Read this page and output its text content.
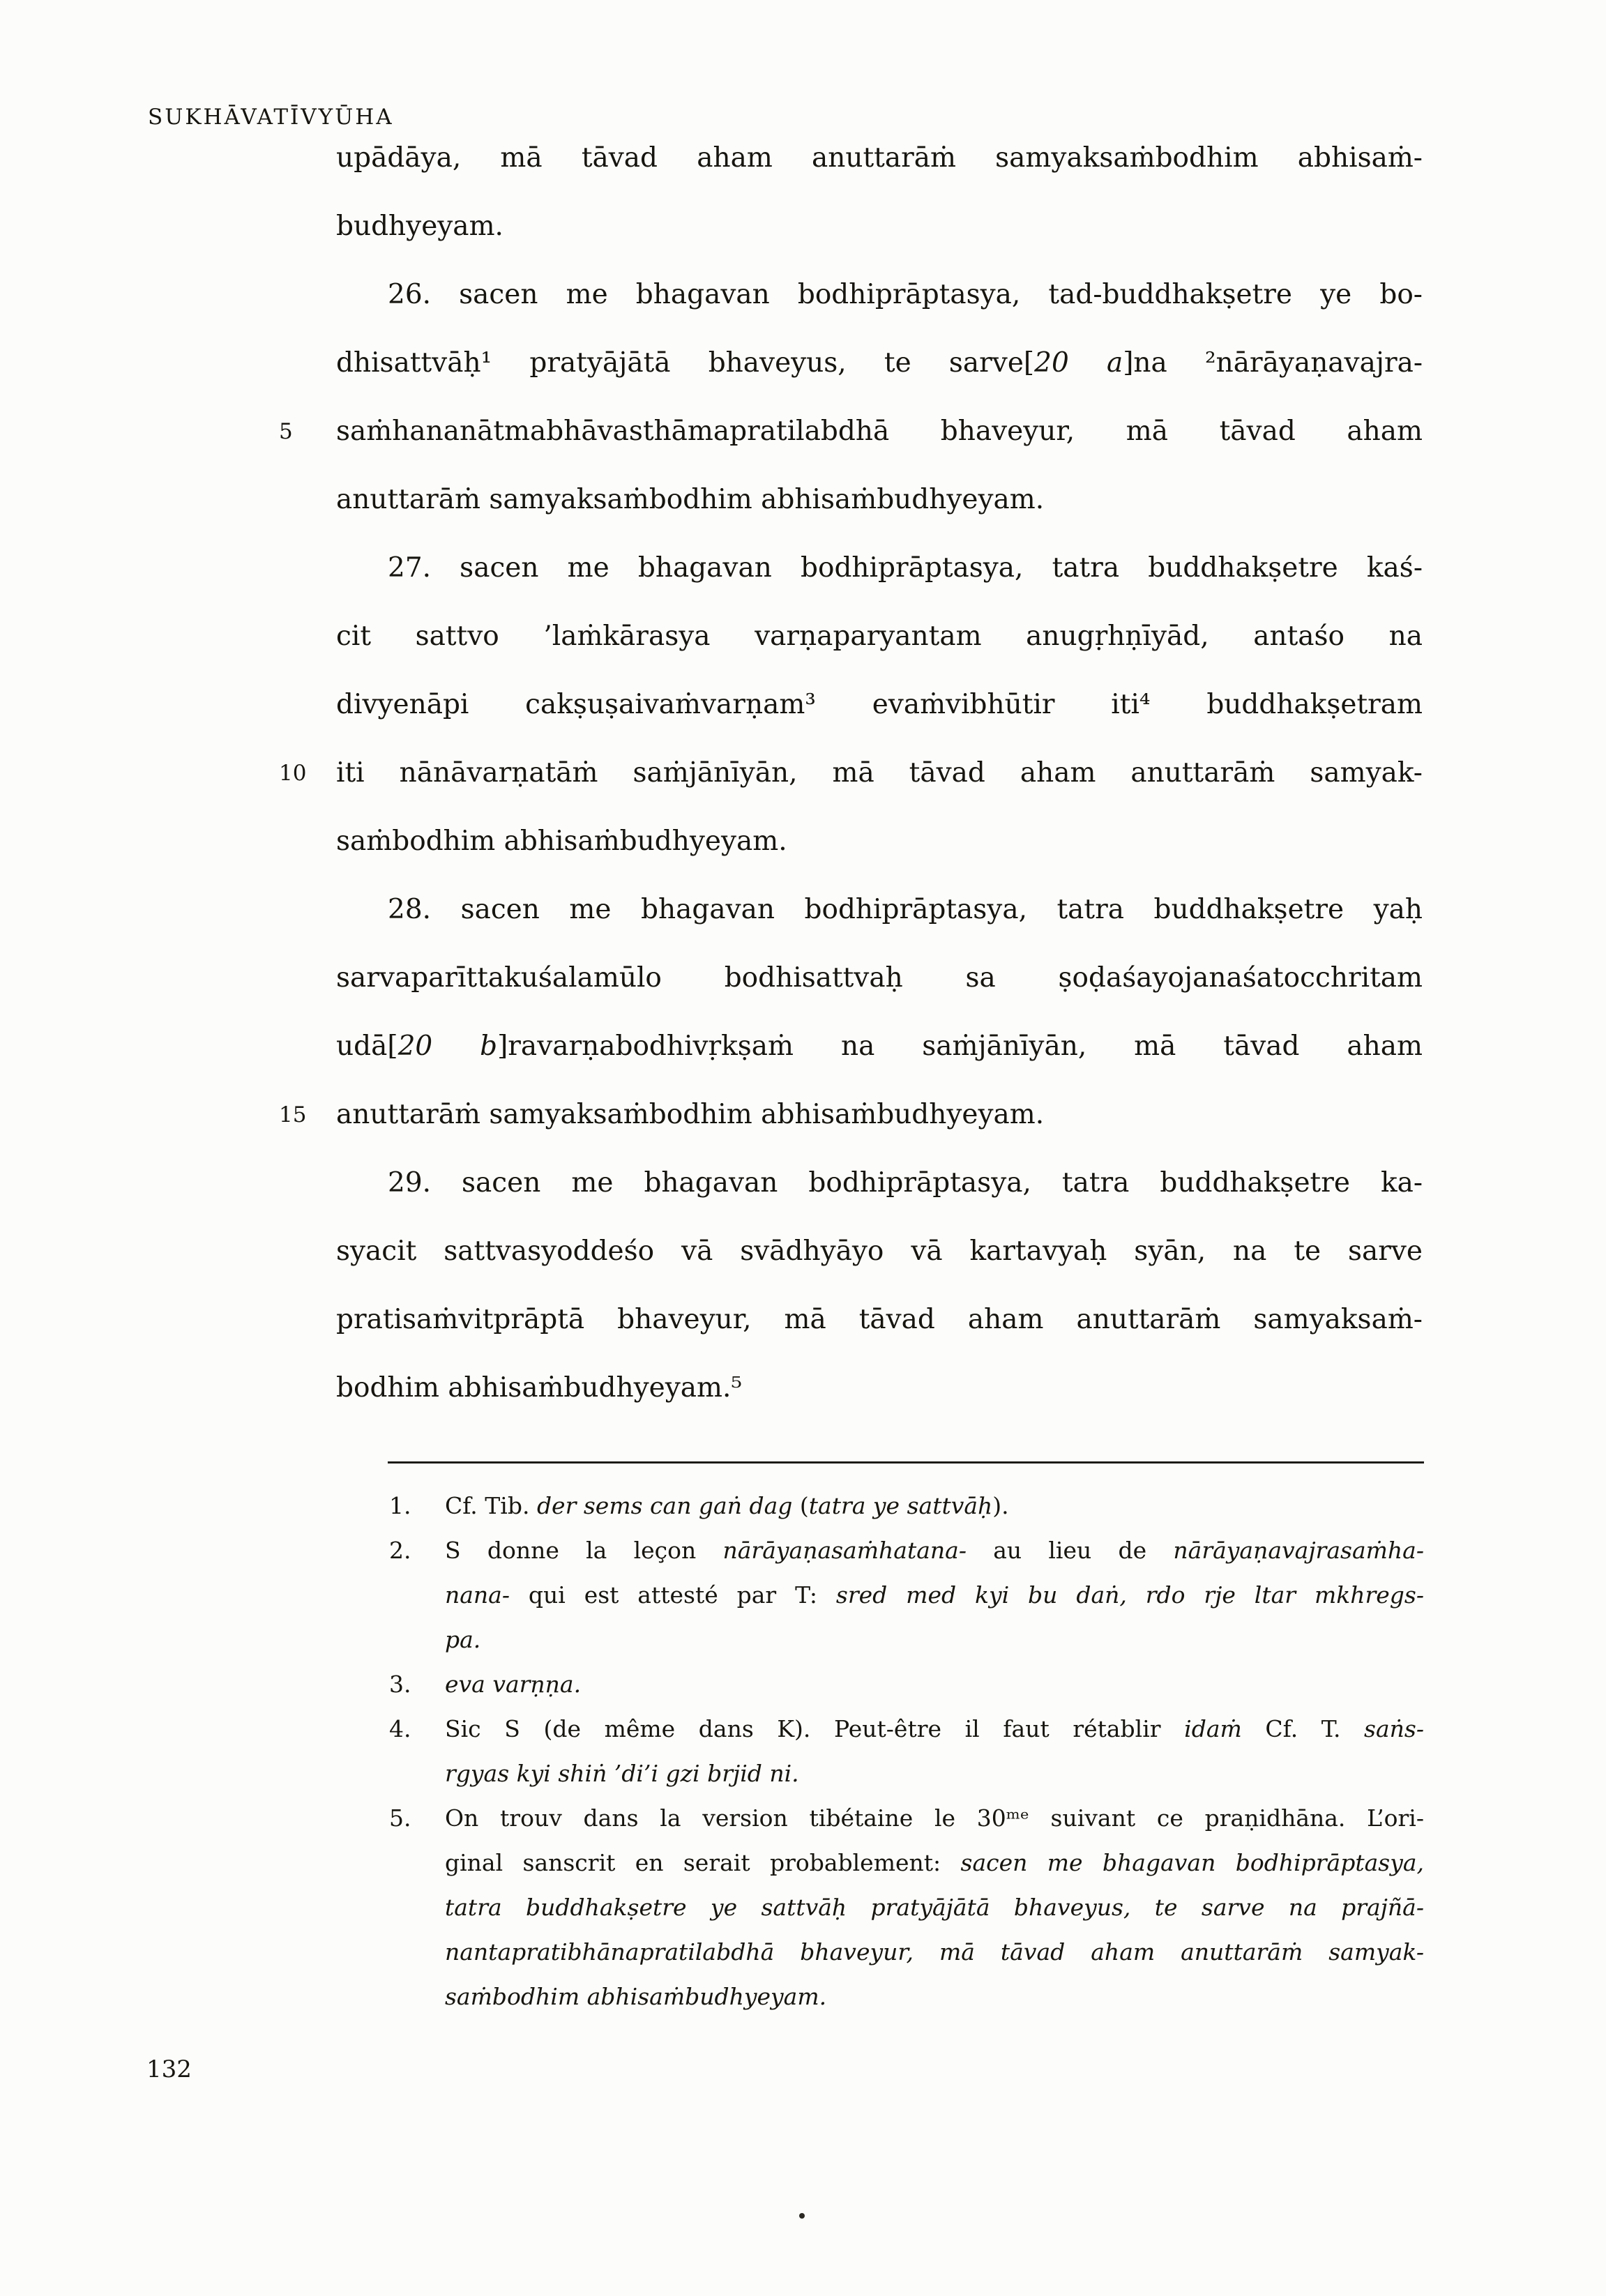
SUKHĀVATĪVYŪHA
upādāya, mā tāvad aham anuttarāṁ samyaksaṁbodhim abhisaṁ-
budhyeyam.
26. sacen me bhagavan bodhiprāptasya, tad-buddhakṣetre ye bo-
dhisattvāḥ¹ pratyājātā bhaveyus, te sarve[20 a]na ²nārāyaṇavajra-
5	saṁhananātmabhāvasthāmapratilabdhā bhaveyur, mā tāvad aham
anuttarāṁ samyaksaṁbodhim abhisaṁbudhyeyam.
27. sacen me bhagavan bodhiprāptasya, tatra buddhakṣetre kaś-
cit sattvo ’laṁkārasya varṇaparyantam anugṛhṇīyād, antaśo na
divyenāpi cakṣuṣaivaṁvarṇam³ evaṁvibhūtir iti⁴ buddhakṣetram
10	iti nānāvarṇatāṁ saṁjānīyān, mā tāvad aham anuttarāṁ samyak-
saṁbodhim abhisaṁbudhyeyam.
28. sacen me bhagavan bodhiprāptasya, tatra buddhakṣetre yaḥ
sarvaparīttakuśalamūlo bodhisattvaḥ sa ṣoḍaśayojanaśatocchritam
udā[20 b]ravarṇabodhivṛkṣaṁ na saṁjānīyān, mā tāvad aham
15	anuttarāṁ samyaksaṁbodhim abhisaṁbudhyeyam.
29. sacen me bhagavan bodhiprāptasya, tatra buddhakṣetre ka-
syacit sattvasyoddeśo vā svādhyāyo vā kartavyaḥ syān, na te sarve
pratisaṁvitprāptā bhaveyur, mā tāvad aham anuttarāṁ samyaksaṁ-
bodhim abhisaṁbudhyeyam.⁵
1.	Cf. Tib. der sems can gaṅ dag (tatra ye sattvāḥ).
2.	S donne la leçon nārāyaṇasaṁhatana- au lieu de nārāyaṇavajrasaṁha-
nana- qui est attesté par T: sred med kyi bu daṅ, rdo rje ltar mkhregs-
pa.
3.	eva varṇṇa.
4.	Sic S (de même dans K). Peut-être il faut rétablir idaṁ Cf. T. saṅs-
rgyas kyi shiṅ ’di’i gzi brjid ni.
5.	On trouv dans la version tibétaine le 30ᵐᵉ suivant ce praṇidhāna. L’ori-
ginal sanscrit en serait probablement: sacen me bhagavan bodhiprāptasya,
tatra buddhakṣetre ye sattvāḥ pratyājātā bhaveyus, te sarve na prajñā-
nantapratibhānapratilabdhā bhaveyur, mā tāvad aham anuttarāṁ samyak-
saṁbodhim abhisaṁbudhyeyam.
132
